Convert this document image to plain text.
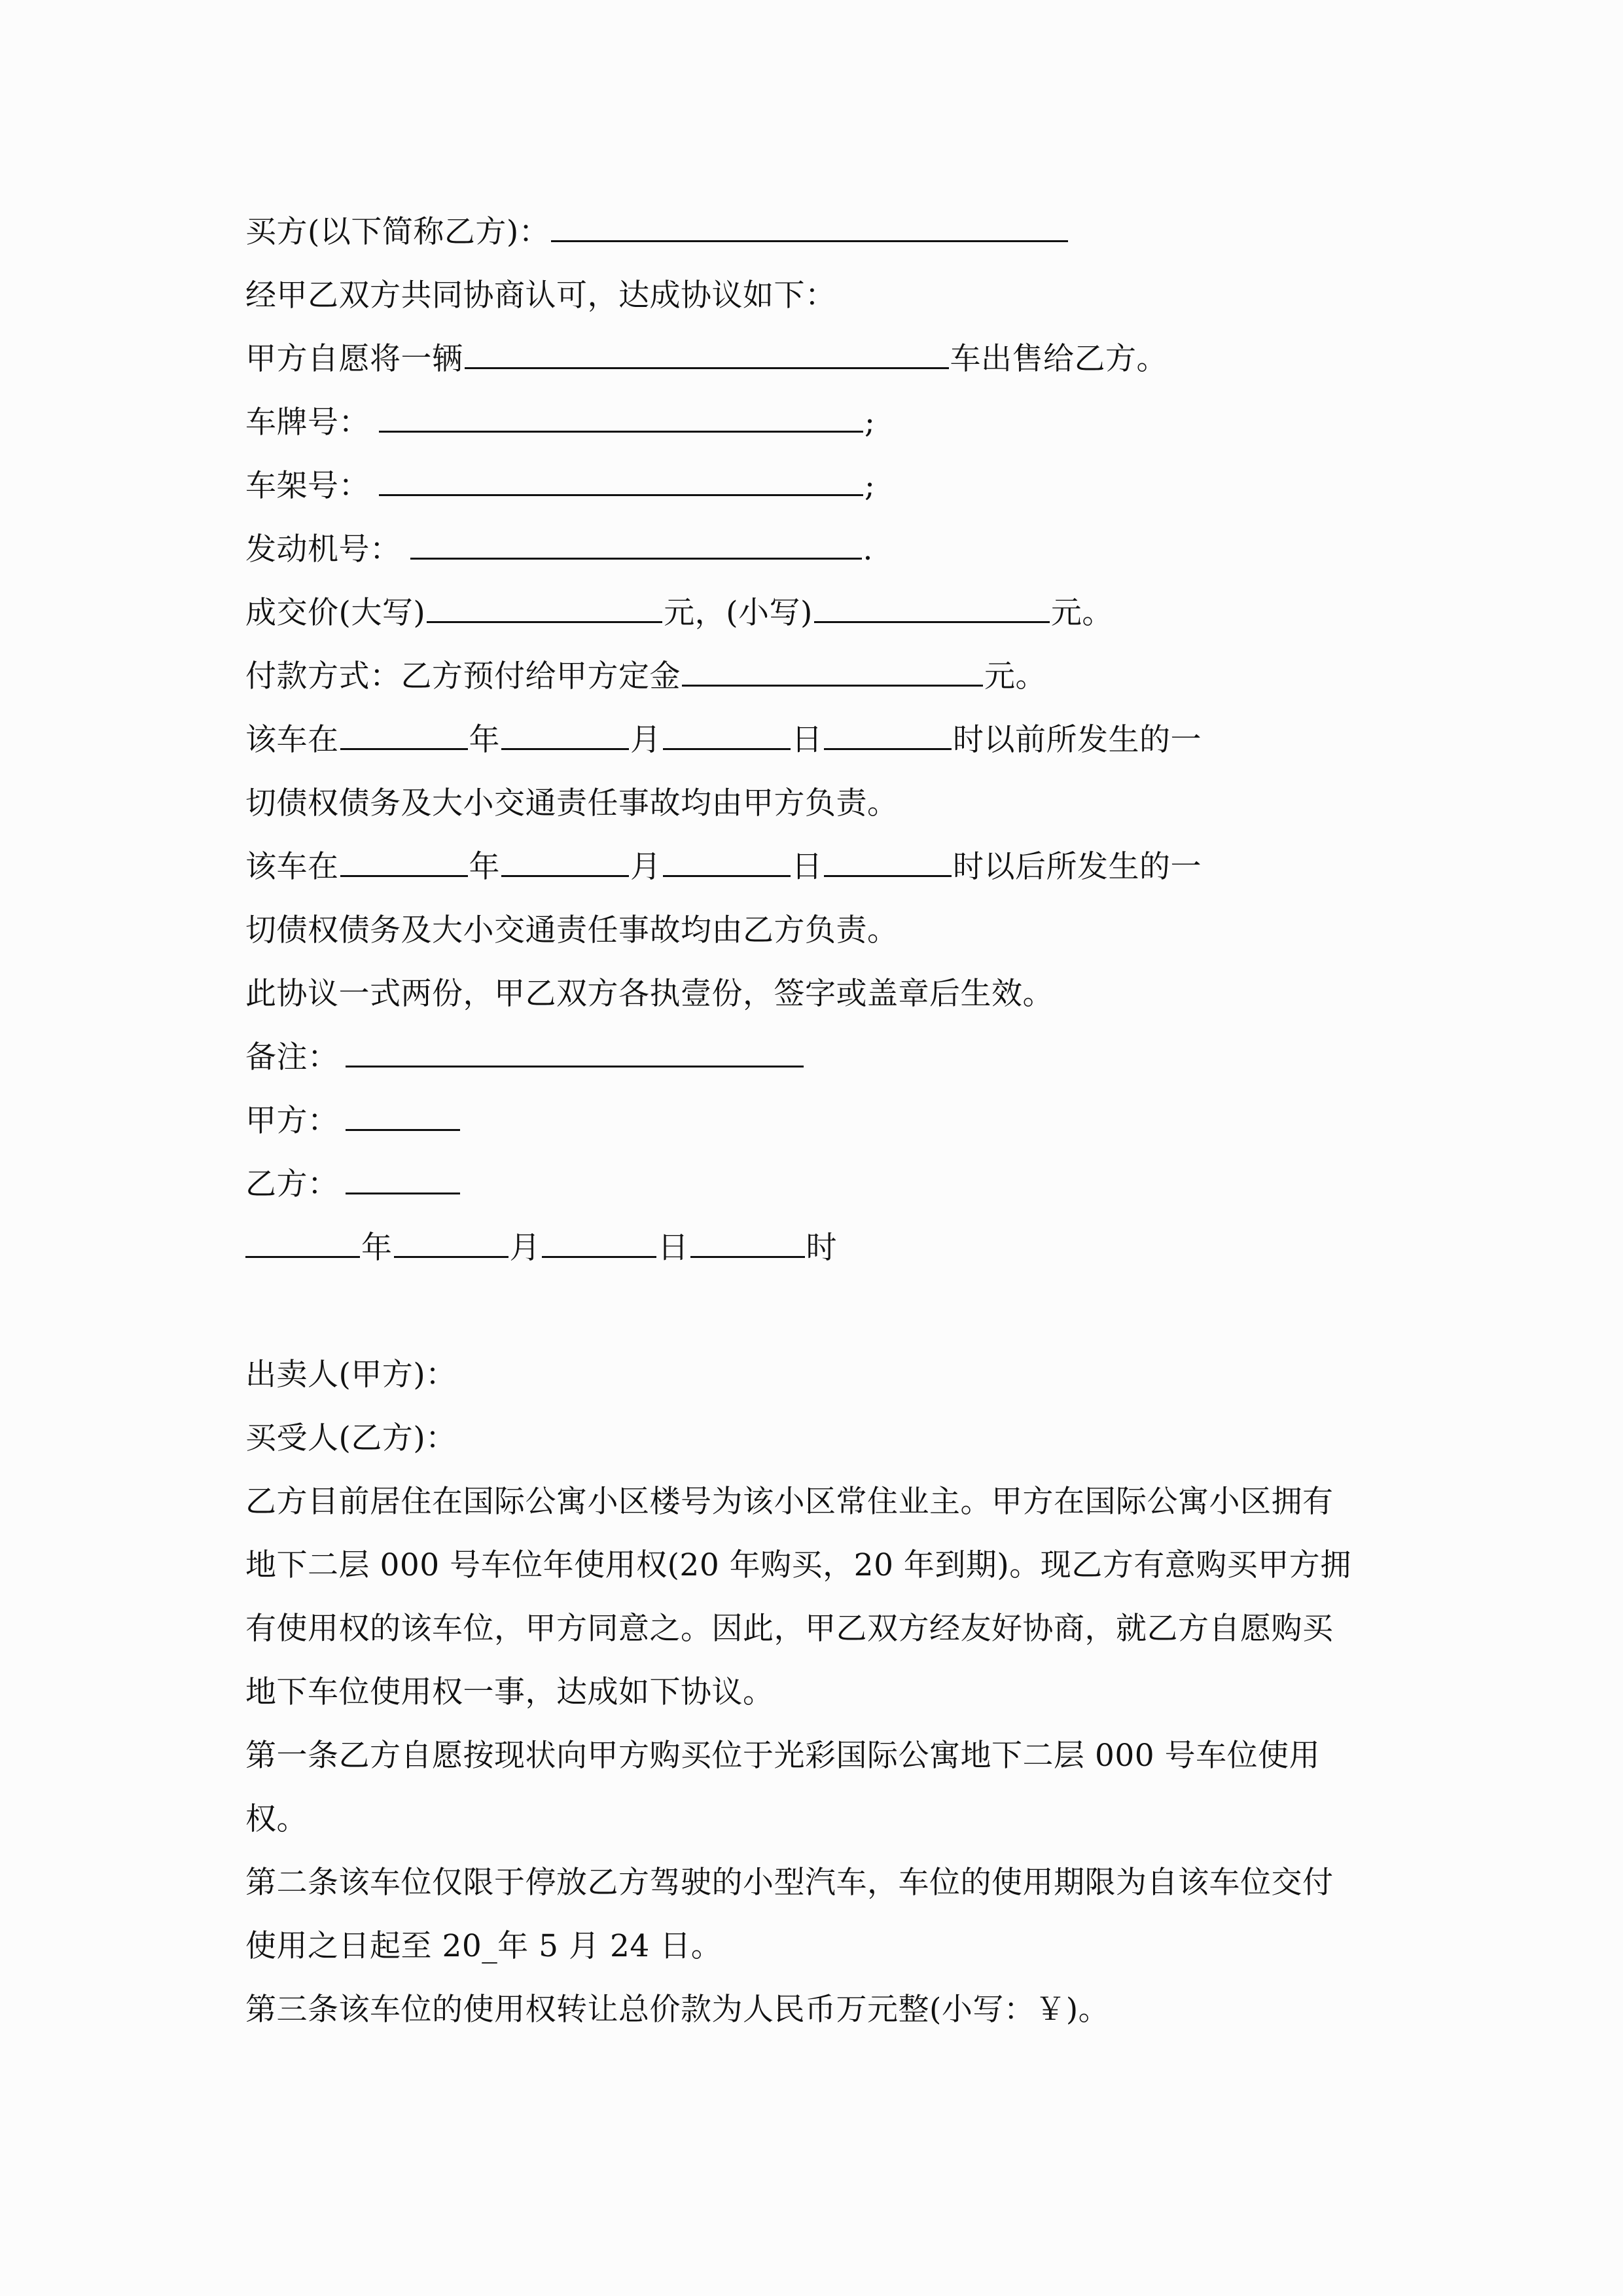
买方(以下简称乙方)：
经甲乙双方共同协商认可，达成协议如下：
甲方自愿将一辆	车出售给乙方。
车牌号：	;
车架号：	;
发动机号：	.
成交价(大写)	元，(小写)	元。
付款方式：乙方预付给甲方定金	元。
该车在	年	月	日	时以前所发生的一
切债权债务及大小交通责任事故均由甲方负责。
该车在	年	月	日	时以后所发生的一
切债权债务及大小交通责任事故均由乙方负责。
此协议一式两份，甲乙双方各执壹份，签字或盖章后生效。
备注：
甲方：
乙方：
年	月	日	时
出卖人(甲方)：
买受人(乙方)：
乙方目前居住在国际公寓小区楼号为该小区常住业主。甲方在国际公寓小区拥有
地下二层 000 号车位年使用权(20 年购买，20 年到期)。现乙方有意购买甲方拥
有使用权的该车位，甲方同意之。因此，甲乙双方经友好协商，就乙方自愿购买
地下车位使用权一事，达成如下协议。
第一条乙方自愿按现状向甲方购买位于光彩国际公寓地下二层 000 号车位使用
权。
第二条该车位仅限于停放乙方驾驶的小型汽车，车位的使用期限为自该车位交付
使用之日起至 20_年 5 月 24 日。
第三条该车位的使用权转让总价款为人民币万元整(小写：￥)。
